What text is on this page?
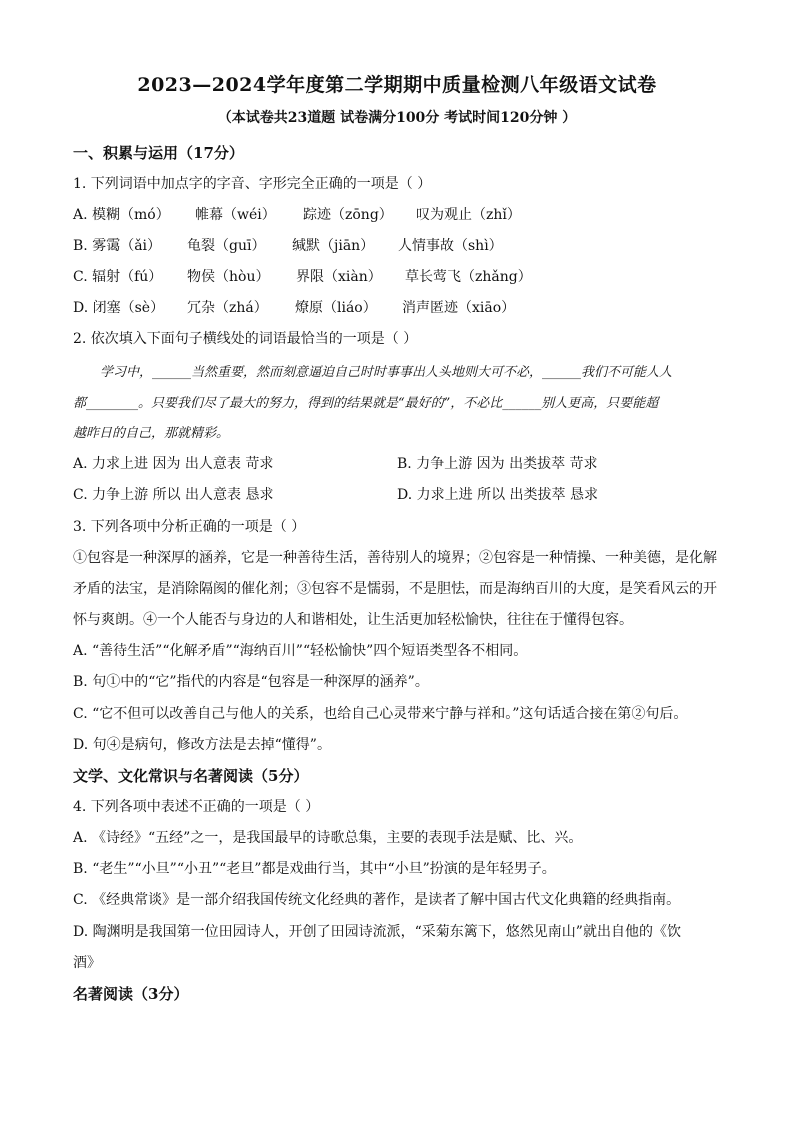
2023—2024学年度第二学期期中质量检测八年级语文试卷
（本试卷共23道题 试卷满分100分 考试时间120分钟 ）
一、积累与运用（17分）
1. 下列词语中加点字的字音、字形完全正确的一项是（ ）
A. 模糊（mó） 帷幕（wéi） 踪迹（zōng） 叹为观止（zhǐ）
B. 雾霭（ǎi） 龟裂（guī） 缄默（jiān） 人情事故（shì）
C. 辐射（fú） 物侯（hòu） 界限（xiàn） 草长莺飞（zhǎng）
D. 闭塞（sè） 冗杂（zhá） 燎原（liáo） 消声匿迹（xiāo）
2. 依次填入下面句子横线处的词语最恰当的一项是（ ）
学习中，______当然重要，然而刻意逼迫自己时时事事出人头地则大可不必，______我们不可能人人
都________。只要我们尽了最大的努力，得到的结果就是“最好的”，不必比______别人更高，只要能超
越昨日的自己，那就精彩。
A. 力求上进 因为 出人意表 苛求	B. 力争上游 因为 出类拔萃 苛求
C. 力争上游 所以 出人意表 恳求	D. 力求上进 所以 出类拔萃 恳求
3. 下列各项中分析正确的一项是（ ）
①包容是一种深厚的涵养，它是一种善待生活，善待别人的境界；②包容是一种情操、一种美德，是化解
矛盾的法宝，是消除隔阂的催化剂；③包容不是懦弱，不是胆怯，而是海纳百川的大度，是笑看风云的开
怀与爽朗。④一个人能否与身边的人和谐相处，让生活更加轻松愉快，往往在于懂得包容。
A. “善待生活”“化解矛盾”“海纳百川”“轻松愉快”四个短语类型各不相同。
B. 句①中的“它”指代的内容是“包容是一种深厚的涵养”。
C. “它不但可以改善自己与他人的关系，也给自己心灵带来宁静与祥和。”这句话适合接在第②句后。
D. 句④是病句，修改方法是去掉“懂得”。
文学、文化常识与名著阅读（5分）
4. 下列各项中表述不正确的一项是（ ）
A. 《诗经》“五经”之一，是我国最早的诗歌总集，主要的表现手法是赋、比、兴。
B. “老生”“小旦”“小丑”“老旦”都是戏曲行当，其中“小旦”扮演的是年轻男子。
C. 《经典常谈》是一部介绍我国传统文化经典的著作，是读者了解中国古代文化典籍的经典指南。
D. 陶渊明是我国第一位田园诗人，开创了田园诗流派，“采菊东篱下，悠然见南山”就出自他的《饮
酒》
名著阅读（3分）
